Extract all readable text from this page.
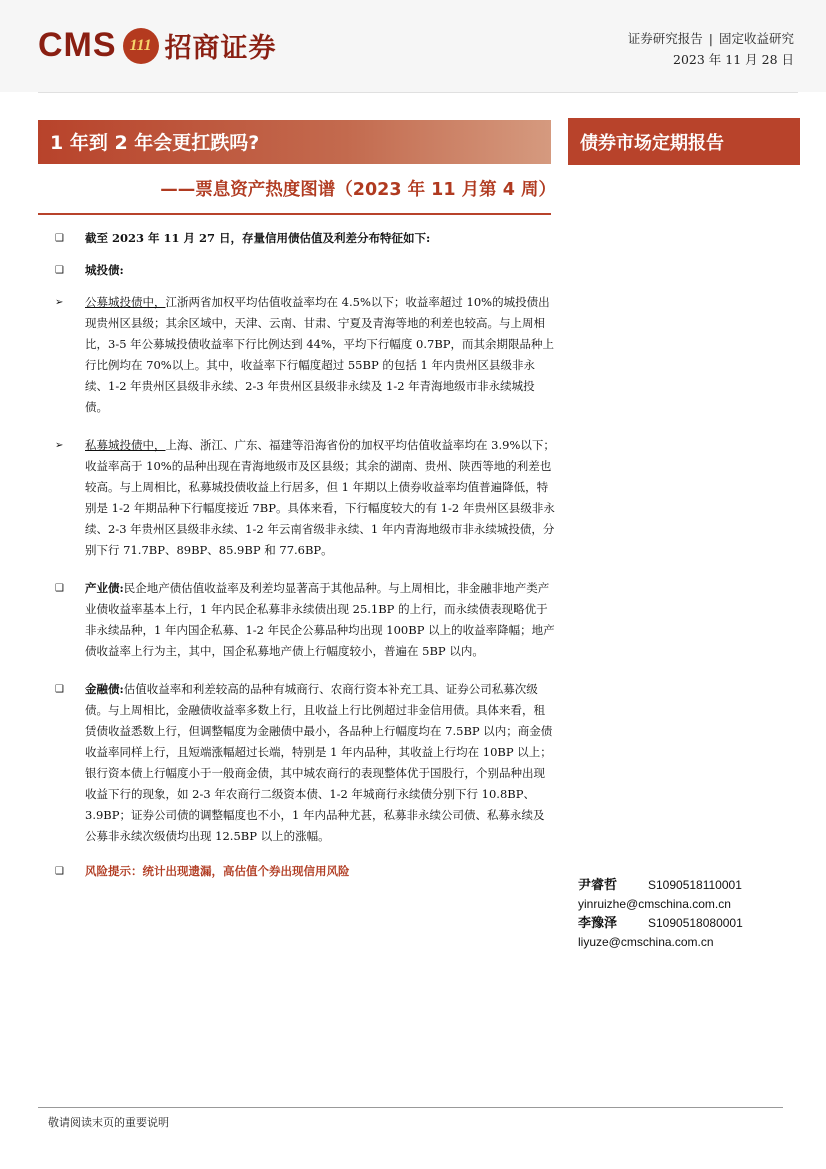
CMS 111 招商证券	证券研究报告 | 固定收益研究
2023 年 11 月 28 日
1 年到 2 年会更扛跌吗?	债券市场定期报告
——票息资产热度图谱（2023 年 11 月第 4 周）
❑ 截至 2023 年 11 月 27 日，存量信用债估值及利差分布特征如下:
❑ 城投债:
➢ 公募城投债中，江浙两省加权平均估值收益率均在 4.5%以下；收益率超过 10%的城投债出现贵州区县级；其余区域中，天津、云南、甘肃、宁夏及青海等地的利差也较高。与上周相比，3-5 年公募城投债收益率下行比例达到 44%，平均下行幅度 0.7BP，而其余期限品种上行比例均在 70%以上。其中，收益率下行幅度超过 55BP 的包括 1 年内贵州区县级非永续、1-2 年贵州区县级非永续、2-3 年贵州区县级非永续及 1-2 年青海地级市非永续城投债。
➢ 私募城投债中，上海、浙江、广东、福建等沿海省份的加权平均估值收益率均在 3.9%以下；收益率高于 10%的品种出现在青海地级市及区县级；其余的湖南、贵州、陕西等地的利差也较高。与上周相比，私募城投债收益上行居多，但 1 年期以上债券收益率均值普遍降低，特别是 1-2 年期品种下行幅度接近 7BP。具体来看，下行幅度较大的有 1-2 年贵州区县级非永续、2-3 年贵州区县级非永续、1-2 年云南省级非永续、1 年内青海地级市非永续城投债，分别下行 71.7BP、89BP、85.9BP 和 77.6BP。
❑ 产业债:民企地产债估值收益率及利差均显著高于其他品种。与上周相比，非金融非地产类产业债收益率基本上行，1 年内民企私募非永续债出现 25.1BP 的上行，而永续债表现略优于非永续品种，1 年内国企私募、1-2 年民企公募品种均出现 100BP 以上的收益率降幅；地产债收益率上行为主，其中，国企私募地产债上行幅度较小，普遍在 5BP 以内。
❑ 金融债:估值收益率和利差较高的品种有城商行、农商行资本补充工具、证券公司私募次级债。与上周相比，金融债收益率多数上行，且收益上行比例超过非金信用债。具体来看，租赁债收益悉数上行，但调整幅度为金融债中最小，各品种上行幅度均在 7.5BP 以内；商金债收益率同样上行，且短端涨幅超过长端，特别是 1 年内品种，其收益上行均在 10BP 以上；银行资本债上行幅度小于一般商金债，其中城农商行的表现整体优于国股行，个别品种出现收益下行的现象，如 2-3 年农商行二级资本债、1-2 年城商行永续债分别下行 10.8BP、3.9BP；证券公司债的调整幅度也不小，1 年内品种尤甚，私募非永续公司债、私募永续及公募非永续次级债均出现 12.5BP 以上的涨幅。
❑ 风险提示：统计出现遗漏，高估值个券出现信用风险
尹睿哲	S1090518110001
yinruizhe@cmschina.com.cn
李豫泽	S1090518080001
liyuze@cmschina.com.cn
敬请阅读末页的重要说明
